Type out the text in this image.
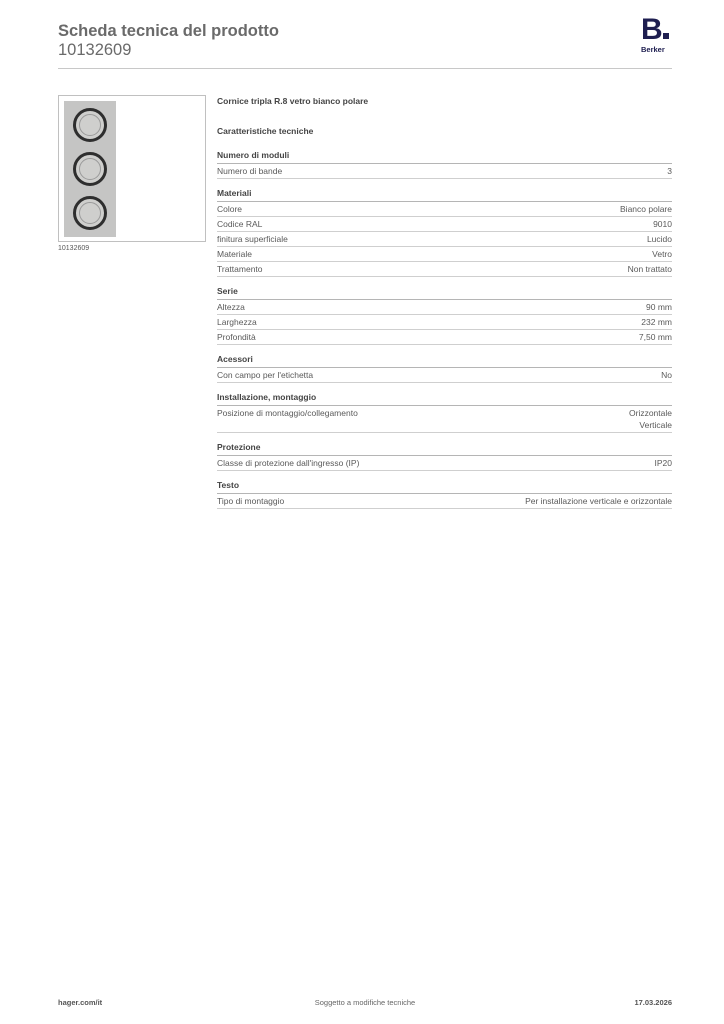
Scheda tecnica del prodotto
10132609
B
Berker
10132609
Cornice tripla R.8 vetro bianco polare
Caratteristiche tecniche
Numero di moduli
Numero di bande	3
Materiali
Colore	Bianco polare
Codice RAL	9010
finitura superficiale	Lucido
Materiale	Vetro
Trattamento	Non trattato
Serie
Altezza	90 mm
Larghezza	232 mm
Profondità	7,50 mm
Acessori
Con campo per l'etichetta	No
Installazione, montaggio
Posizione di montaggio/collegamento	Orizzontale
Verticale
Protezione
Classe di protezione dall'ingresso (IP)	IP20
Testo
Tipo di montaggio	Per installazione verticale e orizzontale
Soggetto a modifiche tecniche
hager.com/it	17.03.2026
